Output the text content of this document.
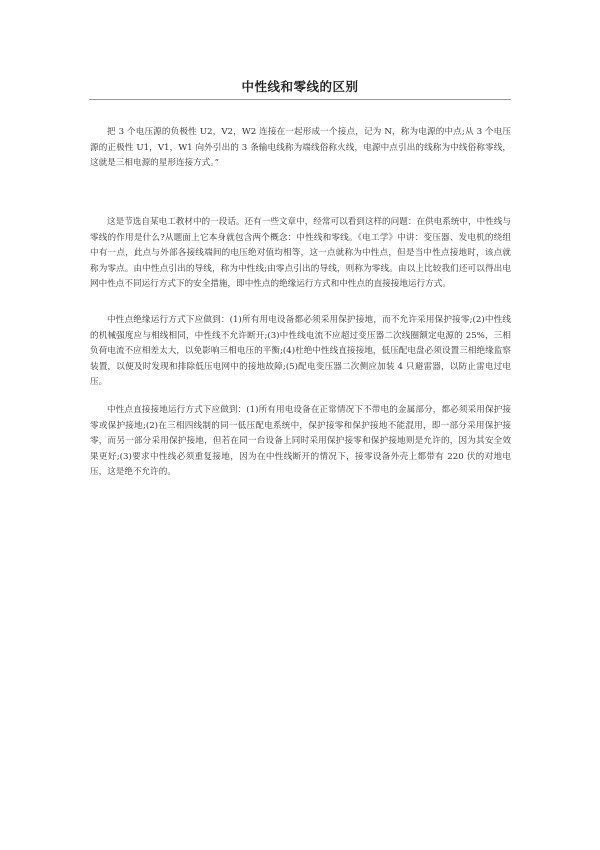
中性线和零线的区别

把 3 个电压源的负极性 U2，V2，W2 连接在一起形成一个接点，记为 N，称为电源的中点;从 3 个电压源的正极性 U1，V1，W1 向外引出的 3 条输电线称为端线俗称火线，电源中点引出的线称为中线俗称零线，这就是三相电源的星形连接方式。”

这是节选自某电工教材中的一段话。还有一些文章中，经常可以看到这样的问题：在供电系统中，中性线与零线的作用是什么?从题面上它本身就包含两个概念：中性线和零线。《电工学》中讲：变压器、发电机的绕组中有一点，此点与外部各接线端间的电压绝对值均相等，这一点就称为中性点，但是当中性点接地时，该点就称为零点。由中性点引出的导线，称为中性线;由零点引出的导线，则称为零线。由以上比较我们还可以得出电网中性点不同运行方式下的安全措施，即中性点的绝缘运行方式和中性点的直接接地运行方式。

中性点绝缘运行方式下应做到：(1)所有用电设备都必须采用保护接地，而不允许采用保护接零;(2)中性线的机械强度应与相线相同，中性线不允许断开;(3)中性线电流不应超过变压器二次线圈额定电源的 25%，三相负荷电流不应相差太大，以免影响三相电压的平衡;(4)杜绝中性线直接接地，低压配电盘必须设置三相绝缘监察装置，以便及时发现和排除低压电网中的接地故障;(5)配电变压器二次侧应加装 4 只避雷器，以防止雷电过电压。

中性点直接接地运行方式下应做到：(1)所有用电设备在正常情况下不带电的金属部分，都必须采用保护接零或保护接地;(2)在三相四线制的同一低压配电系统中，保护接零和保护接地不能混用，即一部分采用保护接零，而另一部分采用保护接地，但若在同一台设备上同时采用保护接零和保护接地则是允许的，因为其安全效果更好;(3)要求中性线必须重复接地，因为在中性线断开的情况下，接零设备外壳上都带有 220 伏的对地电压，这是绝不允许的。
